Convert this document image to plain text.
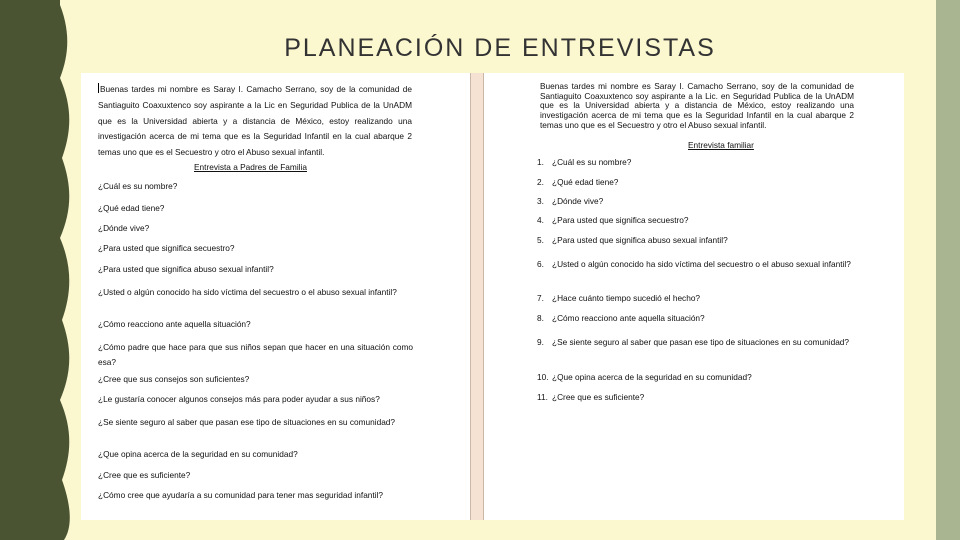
PLANEACIÓN DE ENTREVISTAS
Buenas tardes mi nombre es Saray I. Camacho Serrano, soy de la comunidad de Santiaguito Coaxuxtenco soy aspirante a la Lic en Seguridad Publica de la UnADM que es la Universidad abierta y a distancia de México, estoy realizando una investigación acerca de mi tema que es la Seguridad Infantil en la cual abarque 2 temas uno que es el Secuestro y otro el Abuso sexual infantil.
Entrevista a Padres de Familia
¿Cuál es su nombre?
¿Qué edad tiene?
¿Dónde vive?
¿Para usted que significa secuestro?
¿Para usted que significa abuso sexual infantil?
¿Usted o algún conocido ha sido víctima del secuestro o el abuso sexual infantil?
¿Cómo reacciono ante aquella situación?
¿Cómo padre que hace para que sus niños sepan que hacer en una situación como esa?
¿Cree que sus consejos son suficientes?
¿Le gustaría conocer algunos consejos más para poder ayudar a sus niños?
¿Se siente seguro al saber que pasan ese tipo de situaciones en su comunidad?
¿Que opina acerca de la seguridad en su comunidad?
¿Cree que es suficiente?
¿Cómo cree que ayudaría a su comunidad para tener mas seguridad infantil?
Buenas tardes mi nombre es Saray I. Camacho Serrano, soy de la comunidad de Santiaguito Coaxuxtenco soy aspirante a la Lic. en Seguridad Publica de la UnADM que es la Universidad abierta y a distancia de México, estoy realizando una investigación acerca de mi tema que es la Seguridad Infantil en la cual abarque 2 temas uno que es el Secuestro y otro el Abuso sexual infantil.
Entrevista familiar
1. ¿Cuál es su nombre?
2. ¿Qué edad tiene?
3. ¿Dónde vive?
4. ¿Para usted que significa secuestro?
5. ¿Para usted que significa abuso sexual infantil?
6. ¿Usted o algún conocido ha sido víctima del secuestro o el abuso sexual infantil?
7. ¿Hace cuánto tiempo sucedió el hecho?
8. ¿Cómo reacciono ante aquella situación?
9. ¿Se siente seguro al saber que pasan ese tipo de situaciones en su comunidad?
10. ¿Que opina acerca de la seguridad en su comunidad?
11. ¿Cree que es suficiente?
